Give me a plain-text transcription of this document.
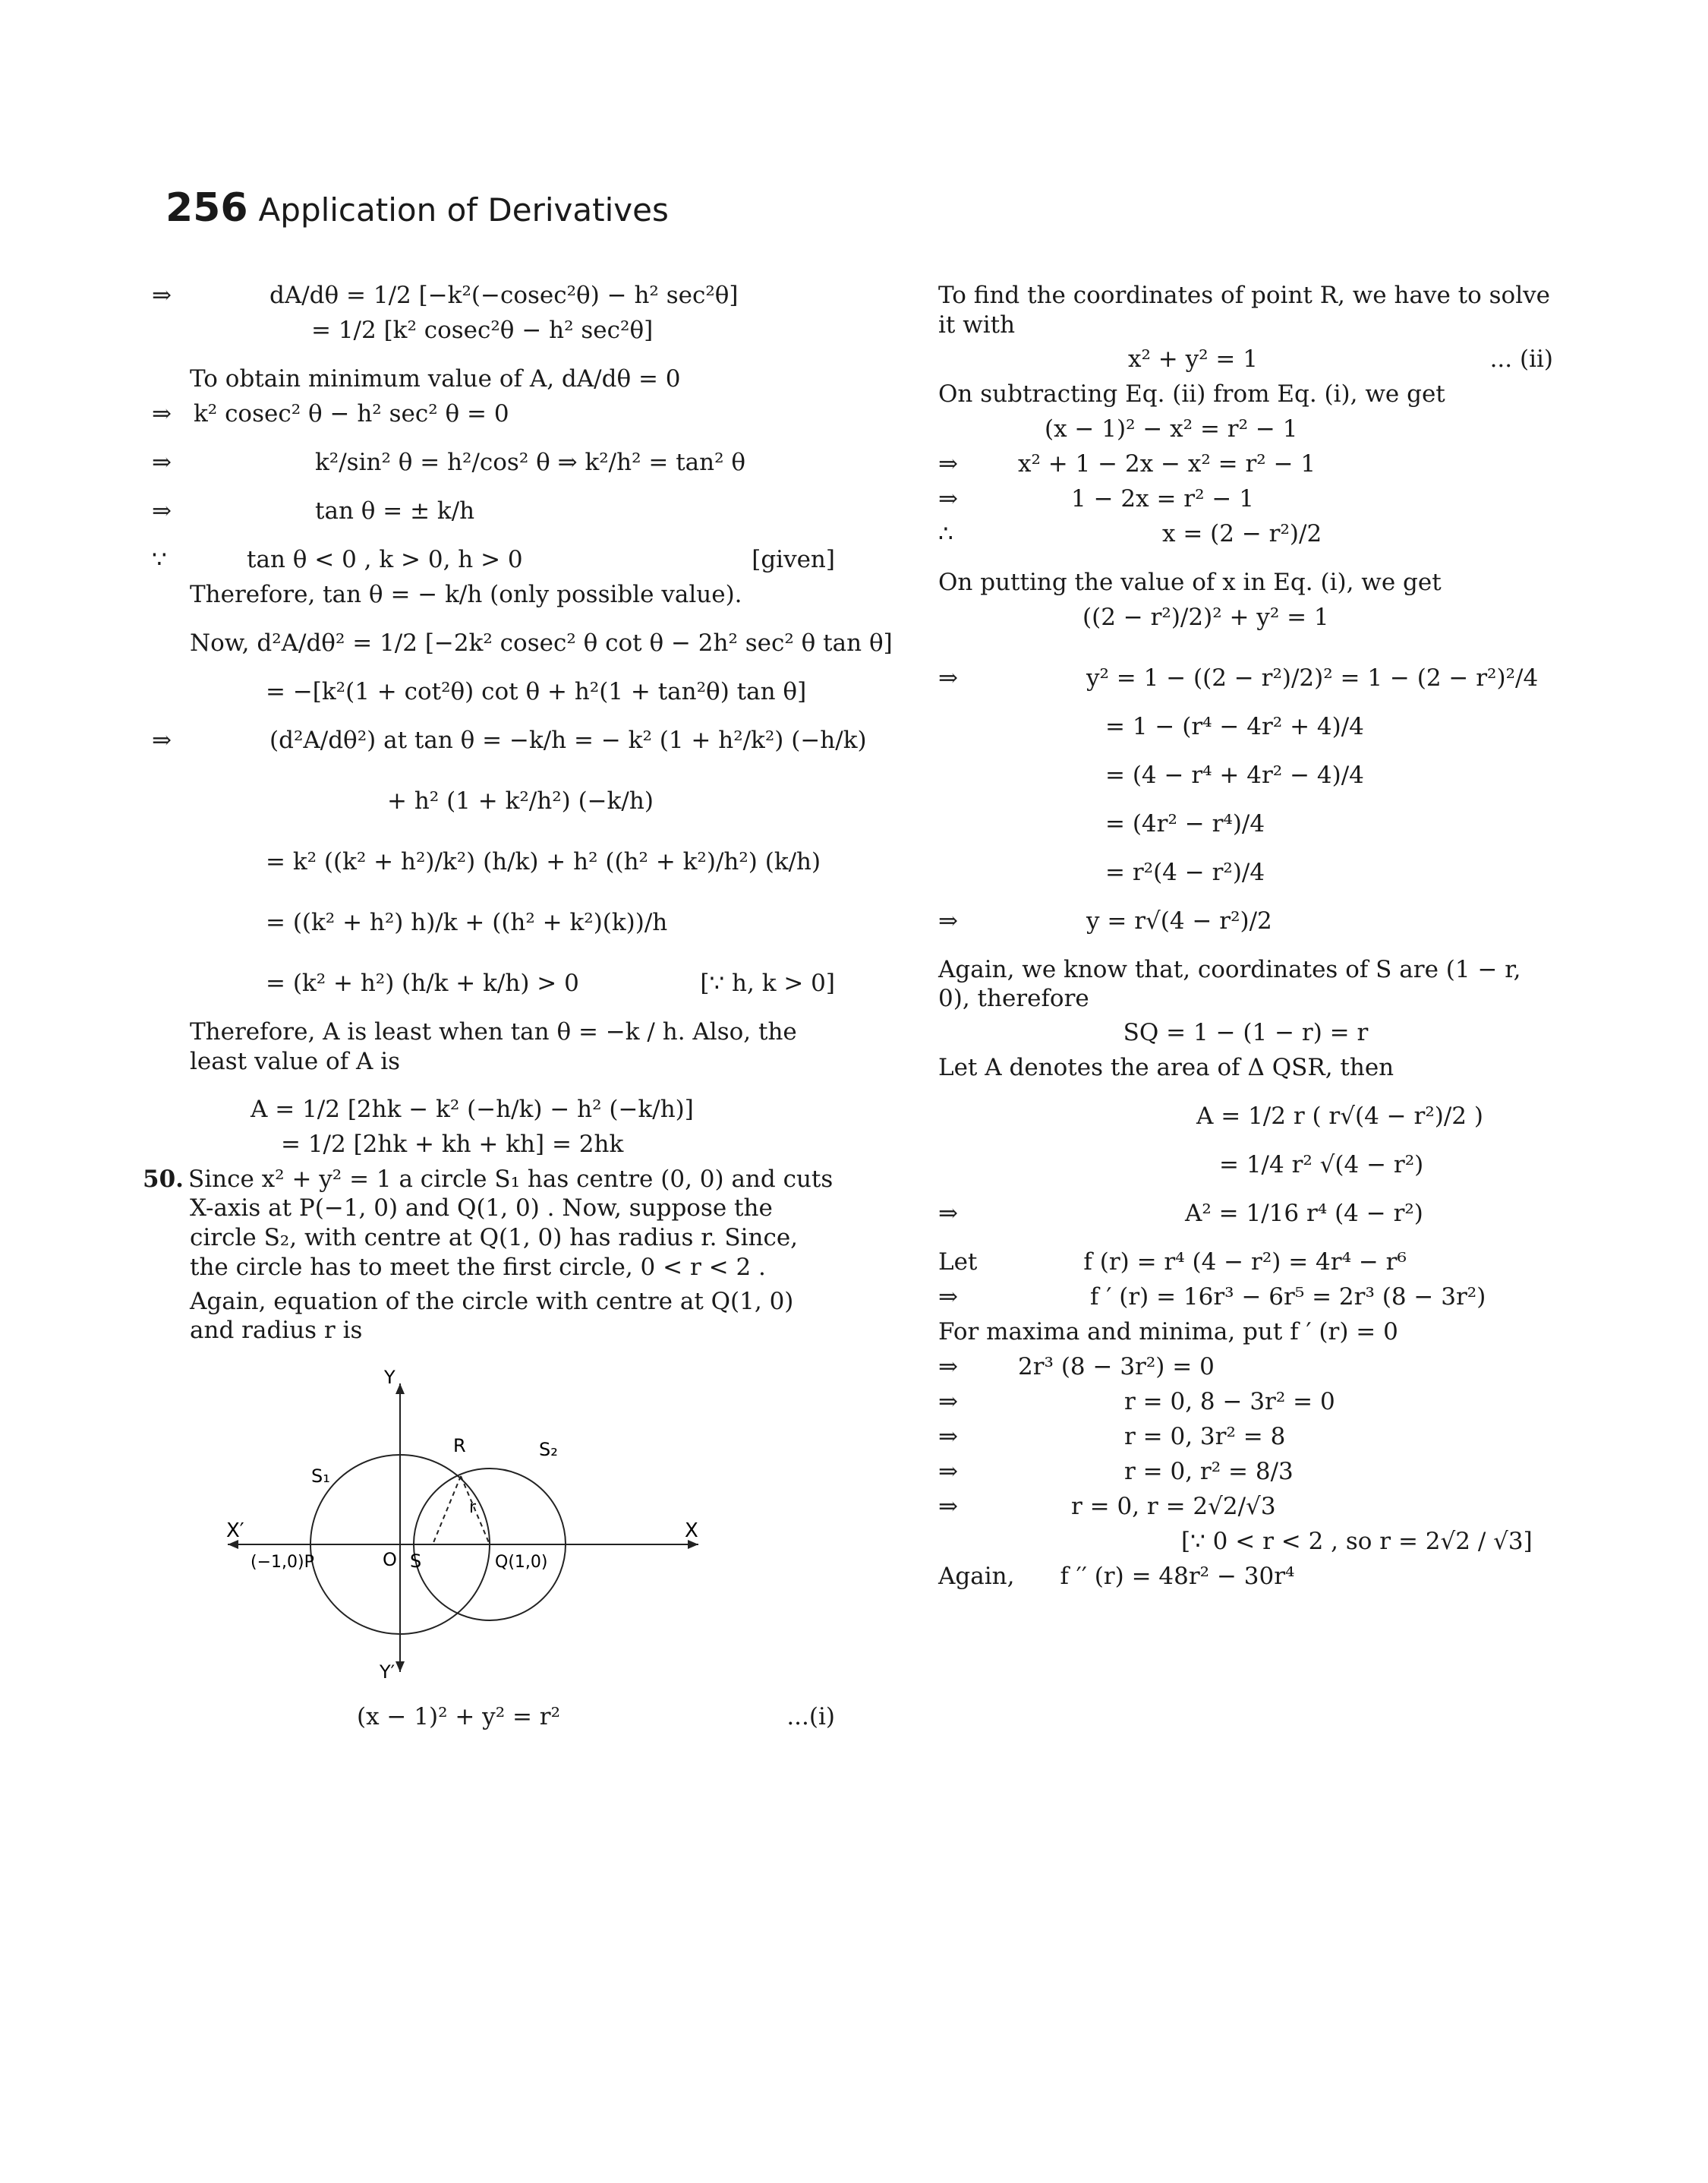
256 Application of Derivatives
⇒	dA/dθ = 1/2 [−k²(−cosec²θ) − h² sec²θ]
= 1/2 [k² cosec²θ − h² sec²θ]
To obtain minimum value of A, dA/dθ = 0
⇒ k² cosec² θ − h² sec² θ = 0
⇒	k²/sin² θ = h²/cos² θ ⇒ k²/h² = tan² θ
⇒	tan θ = ± k/h
∵	tan θ < 0 , k > 0, h > 0	[given]
Therefore, tan θ = − k/h (only possible value).
Now, d²A/dθ² = 1/2 [−2k² cosec² θ cot θ − 2h² sec² θ tan θ]
= −[k²(1 + cot²θ) cot θ + h²(1 + tan²θ) tan θ]
⇒	(d²A/dθ²) at tan θ = −k/h = − k² (1 + h²/k²) (−h/k)
+ h² (1 + k²/h²) (−k/h)
= k² ((k² + h²)/k²) (h/k) + h² ((h² + k²)/h²) (k/h)
= ((k² + h²) h)/k + ((h² + k²)(k))/h
= (k² + h²) (h/k + k/h) > 0	[∵ h, k > 0]
Therefore, A is least when tan θ = −k / h. Also, the least value of A is
A = 1/2 [2hk − k² (−h/k) − h² (−k/h)]
= 1/2 [2hk + kh + kh] = 2hk
50. Since x² + y² = 1 a circle S₁ has centre (0, 0) and cuts X-axis at P(−1, 0) and Q(1, 0) . Now, suppose the circle S₂, with centre at Q(1, 0) has radius r. Since, the circle has to meet the first circle, 0 < r < 2 .
Again, equation of the circle with centre at Q(1, 0) and radius r is
Y
Y′
X
X′
S₁
S₂
R
r
O S
(−1,0)P	Q(1,0)
(x − 1)² + y² = r²	...(i)
To find the coordinates of point R, we have to solve it with
x² + y² = 1	... (ii)
On subtracting Eq. (ii) from Eq. (i), we get
(x − 1)² − x² = r² − 1
⇒	x² + 1 − 2x − x² = r² − 1
⇒	1 − 2x = r² − 1
∴	x = (2 − r²)/2
On putting the value of x in Eq. (i), we get
((2 − r²)/2)² + y² = 1
⇒	y² = 1 − ((2 − r²)/2)² = 1 − (2 − r²)²/4
= 1 − (r⁴ − 4r² + 4)/4
= (4 − r⁴ + 4r² − 4)/4
= (4r² − r⁴)/4
= r²(4 − r²)/4
⇒	y = r√(4 − r²)/2
Again, we know that, coordinates of S are (1 − r, 0), therefore
SQ = 1 − (1 − r) = r
Let A denotes the area of Δ QSR, then
A = 1/2 r ( r√(4 − r²)/2 )
= 1/4 r² √(4 − r²)
⇒	A² = 1/16 r⁴ (4 − r²)
Let	f (r) = r⁴ (4 − r²) = 4r⁴ − r⁶
⇒	f ′ (r) = 16r³ − 6r⁵ = 2r³ (8 − 3r²)
For maxima and minima, put f ′ (r) = 0
⇒	2r³ (8 − 3r²) = 0
⇒	r = 0, 8 − 3r² = 0
⇒	r = 0, 3r² = 8
⇒	r = 0, r² = 8/3
⇒	r = 0, r = 2√2/√3
[∵ 0 < r < 2 , so r = 2√2 / √3]
Again, f ′′ (r) = 48r² − 30r⁴
